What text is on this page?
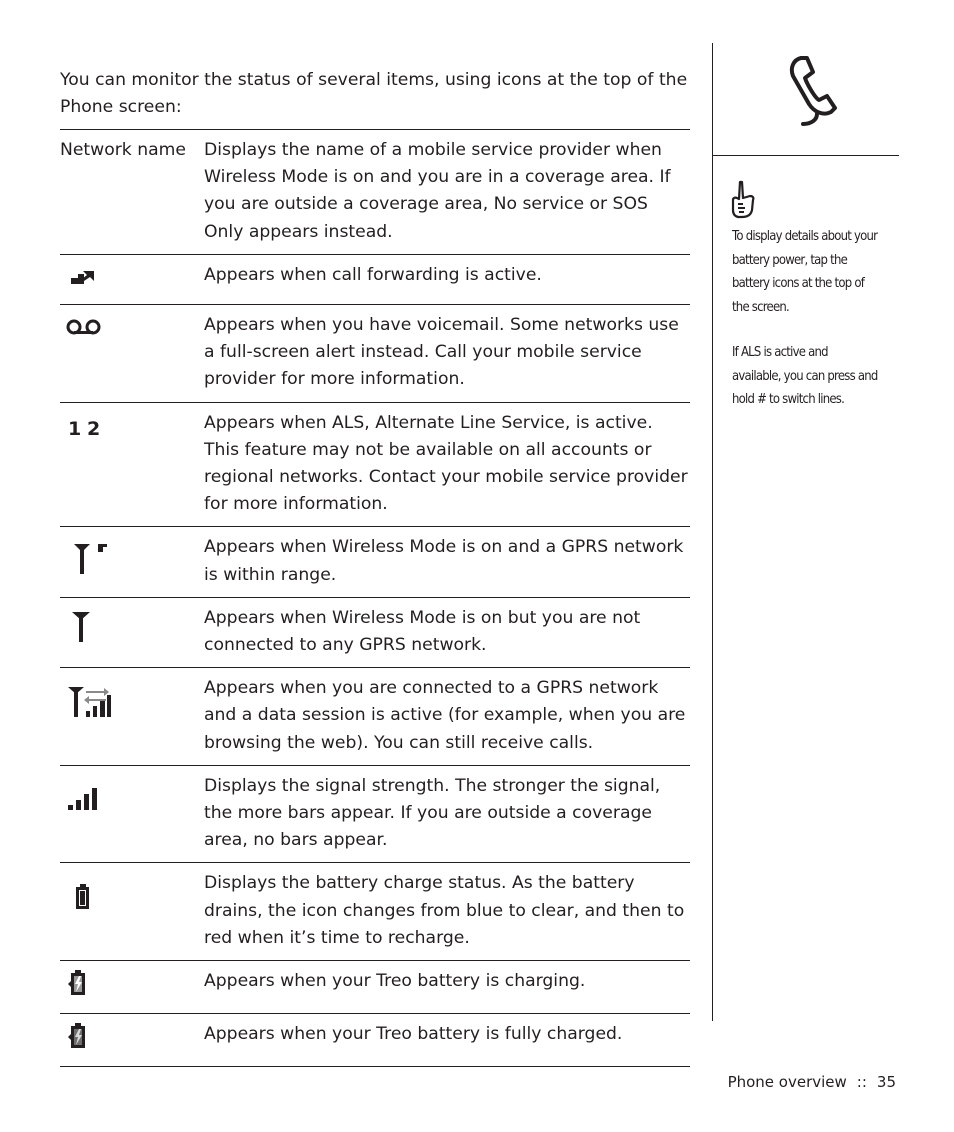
You can monitor the status of several items, using icons at the top of the Phone screen:

Network name	Displays the name of a mobile service provider when Wireless Mode is on and you are in a coverage area. If you are outside a coverage area, No service or SOS Only appears instead.
	Appears when call forwarding is active.
	Appears when you have voicemail. Some networks use a full-screen alert instead. Call your mobile service provider for more information.

1 2	Appears when ALS, Alternate Line Service, is active. This feature may not be available on all accounts or regional networks. Contact your mobile service provider for more information.
	Appears when Wireless Mode is on and a GPRS network is within range.
	Appears when Wireless Mode is on but you are not connected to any GPRS network.
	Appears when you are connected to a GPRS network and a data session is active (for example, when you are browsing the web). You can still receive calls.
	Displays the signal strength. The stronger the signal, the more bars appear. If you are outside a coverage area, no bars appear.
	Displays the battery charge status. As the battery drains, the icon changes from blue to clear, and then to red when it’s time to recharge.
	Appears when your Treo battery is charging.
	Appears when your Treo battery is fully charged.

To display details about your battery power, tap the battery icons at the top of the screen.

If ALS is active and available, you can press and hold # to switch lines.

Phone overview :: 35
